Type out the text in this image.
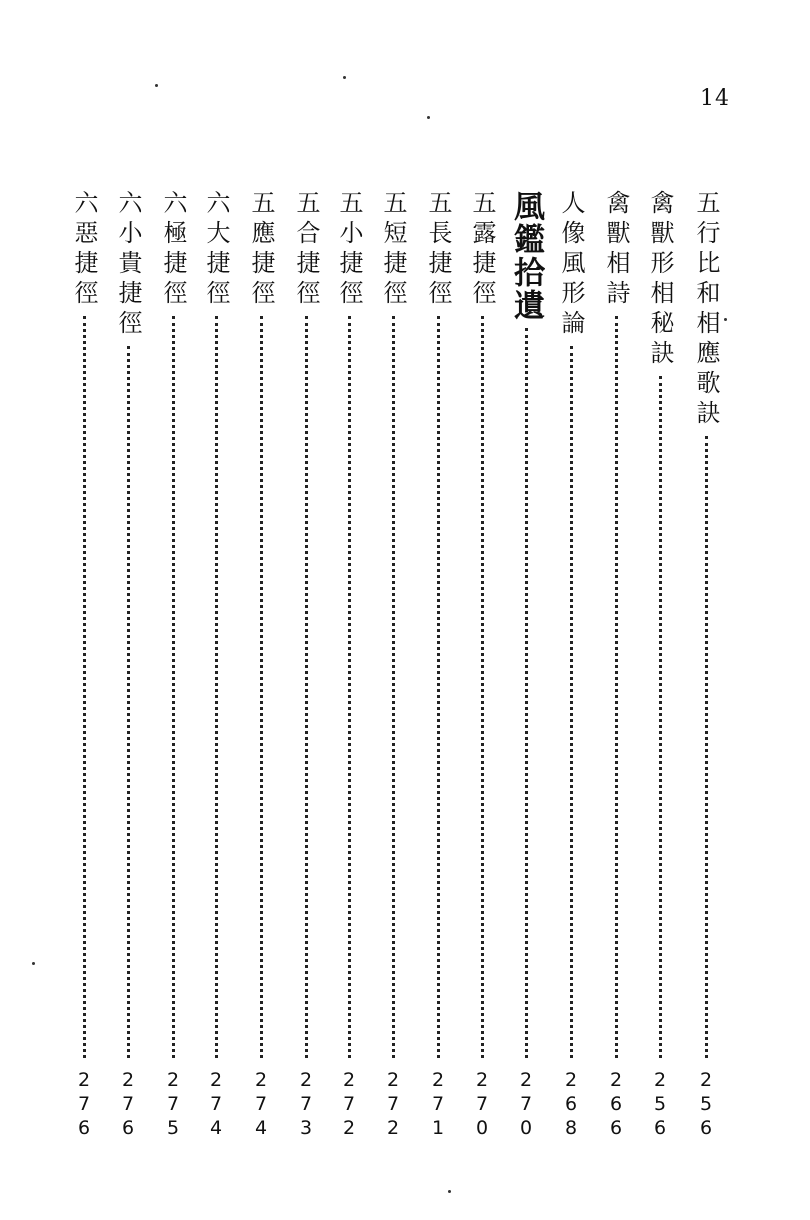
14
五行比和相應歌訣
2
5
6
禽獸形相秘訣
2
5
6
禽獸相詩
2
6
6
人像風形論
2
6
8
風鑑拾遺
2
7
0
五露捷徑
2
7
0
五長捷徑
2
7
1
五短捷徑
2
7
2
五小捷徑
2
7
2
五合捷徑
2
7
3
五應捷徑
2
7
4
六大捷徑
2
7
4
六極捷徑
2
7
5
六小貴捷徑
2
7
6
六惡捷徑
2
7
6
